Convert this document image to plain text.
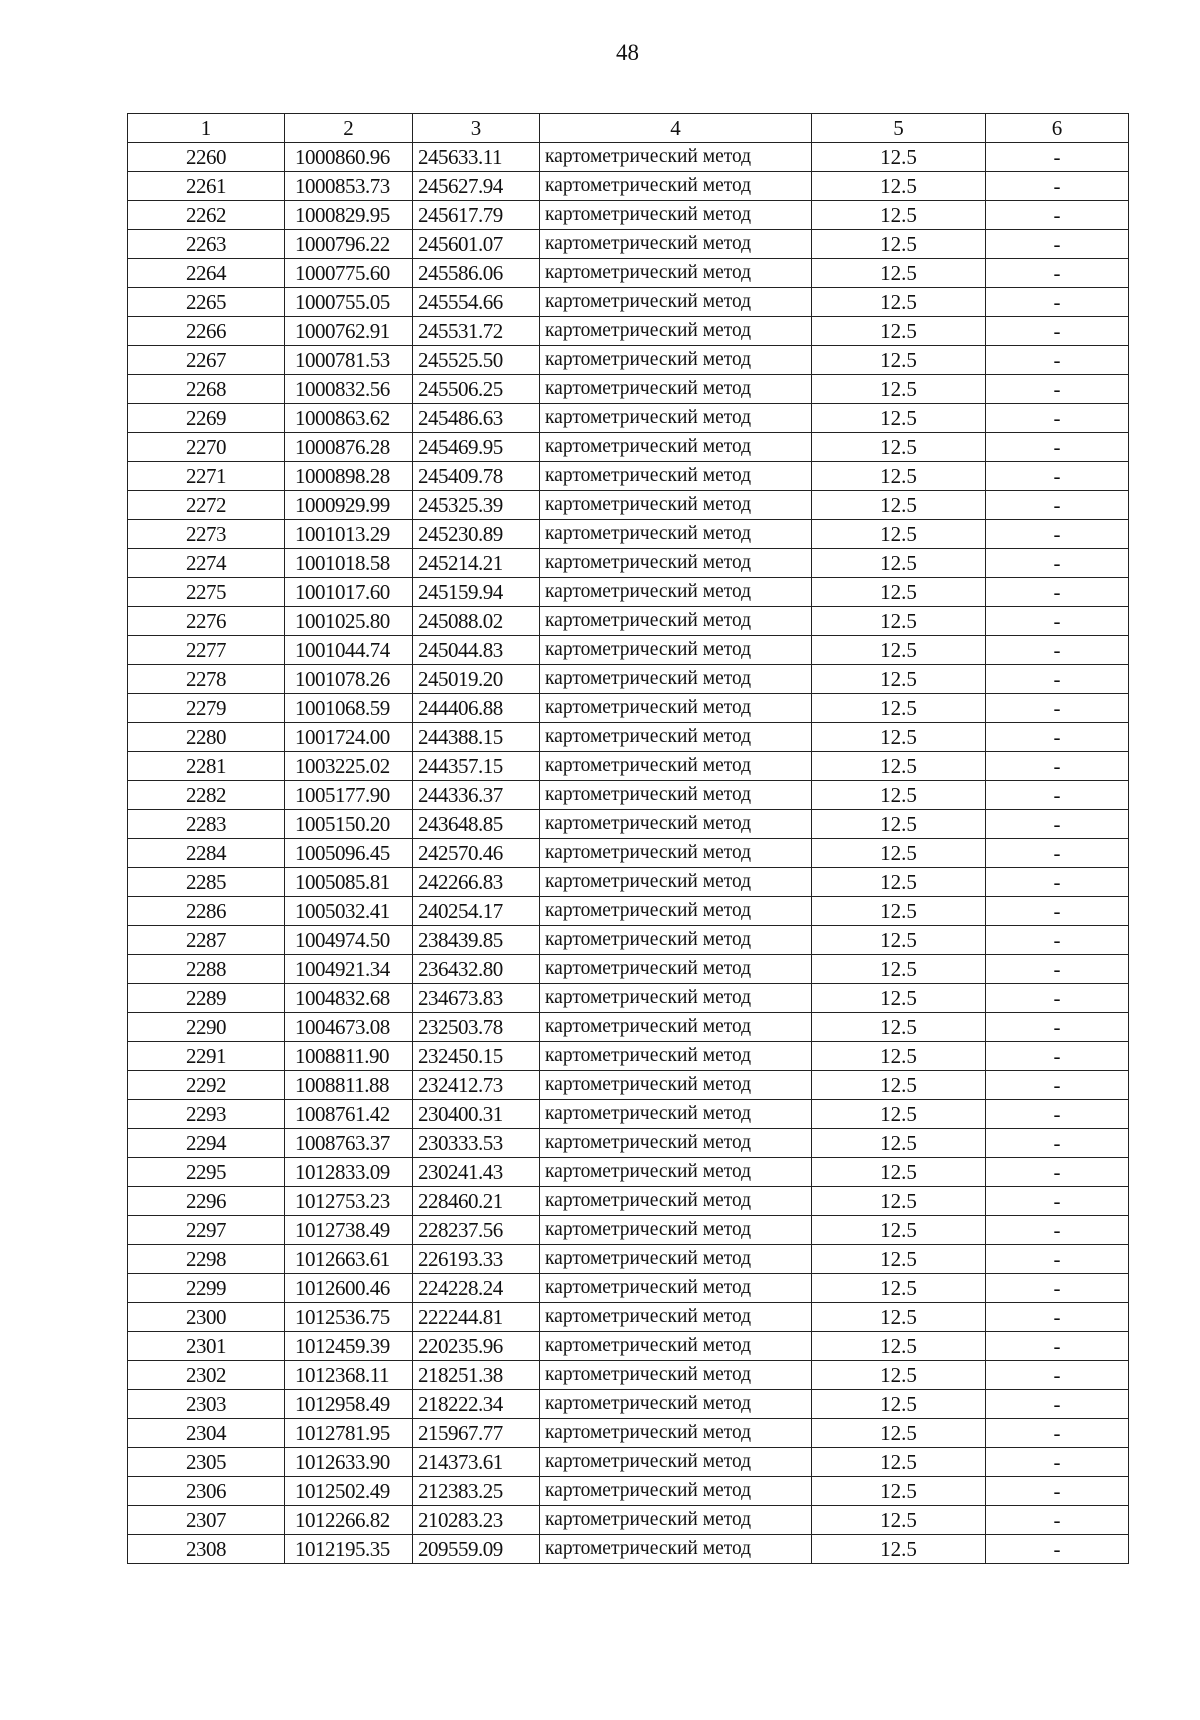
48
1	2	3	4	5	6
2260	1000860.96	245633.11	картометрический метод	12.5	-
2261	1000853.73	245627.94	картометрический метод	12.5	-
2262	1000829.95	245617.79	картометрический метод	12.5	-
2263	1000796.22	245601.07	картометрический метод	12.5	-
2264	1000775.60	245586.06	картометрический метод	12.5	-
2265	1000755.05	245554.66	картометрический метод	12.5	-
2266	1000762.91	245531.72	картометрический метод	12.5	-
2267	1000781.53	245525.50	картометрический метод	12.5	-
2268	1000832.56	245506.25	картометрический метод	12.5	-
2269	1000863.62	245486.63	картометрический метод	12.5	-
2270	1000876.28	245469.95	картометрический метод	12.5	-
2271	1000898.28	245409.78	картометрический метод	12.5	-
2272	1000929.99	245325.39	картометрический метод	12.5	-
2273	1001013.29	245230.89	картометрический метод	12.5	-
2274	1001018.58	245214.21	картометрический метод	12.5	-
2275	1001017.60	245159.94	картометрический метод	12.5	-
2276	1001025.80	245088.02	картометрический метод	12.5	-
2277	1001044.74	245044.83	картометрический метод	12.5	-
2278	1001078.26	245019.20	картометрический метод	12.5	-
2279	1001068.59	244406.88	картометрический метод	12.5	-
2280	1001724.00	244388.15	картометрический метод	12.5	-
2281	1003225.02	244357.15	картометрический метод	12.5	-
2282	1005177.90	244336.37	картометрический метод	12.5	-
2283	1005150.20	243648.85	картометрический метод	12.5	-
2284	1005096.45	242570.46	картометрический метод	12.5	-
2285	1005085.81	242266.83	картометрический метод	12.5	-
2286	1005032.41	240254.17	картометрический метод	12.5	-
2287	1004974.50	238439.85	картометрический метод	12.5	-
2288	1004921.34	236432.80	картометрический метод	12.5	-
2289	1004832.68	234673.83	картометрический метод	12.5	-
2290	1004673.08	232503.78	картометрический метод	12.5	-
2291	1008811.90	232450.15	картометрический метод	12.5	-
2292	1008811.88	232412.73	картометрический метод	12.5	-
2293	1008761.42	230400.31	картометрический метод	12.5	-
2294	1008763.37	230333.53	картометрический метод	12.5	-
2295	1012833.09	230241.43	картометрический метод	12.5	-
2296	1012753.23	228460.21	картометрический метод	12.5	-
2297	1012738.49	228237.56	картометрический метод	12.5	-
2298	1012663.61	226193.33	картометрический метод	12.5	-
2299	1012600.46	224228.24	картометрический метод	12.5	-
2300	1012536.75	222244.81	картометрический метод	12.5	-
2301	1012459.39	220235.96	картометрический метод	12.5	-
2302	1012368.11	218251.38	картометрический метод	12.5	-
2303	1012958.49	218222.34	картометрический метод	12.5	-
2304	1012781.95	215967.77	картометрический метод	12.5	-
2305	1012633.90	214373.61	картометрический метод	12.5	-
2306	1012502.49	212383.25	картометрический метод	12.5	-
2307	1012266.82	210283.23	картометрический метод	12.5	-
2308	1012195.35	209559.09	картометрический метод	12.5	-
